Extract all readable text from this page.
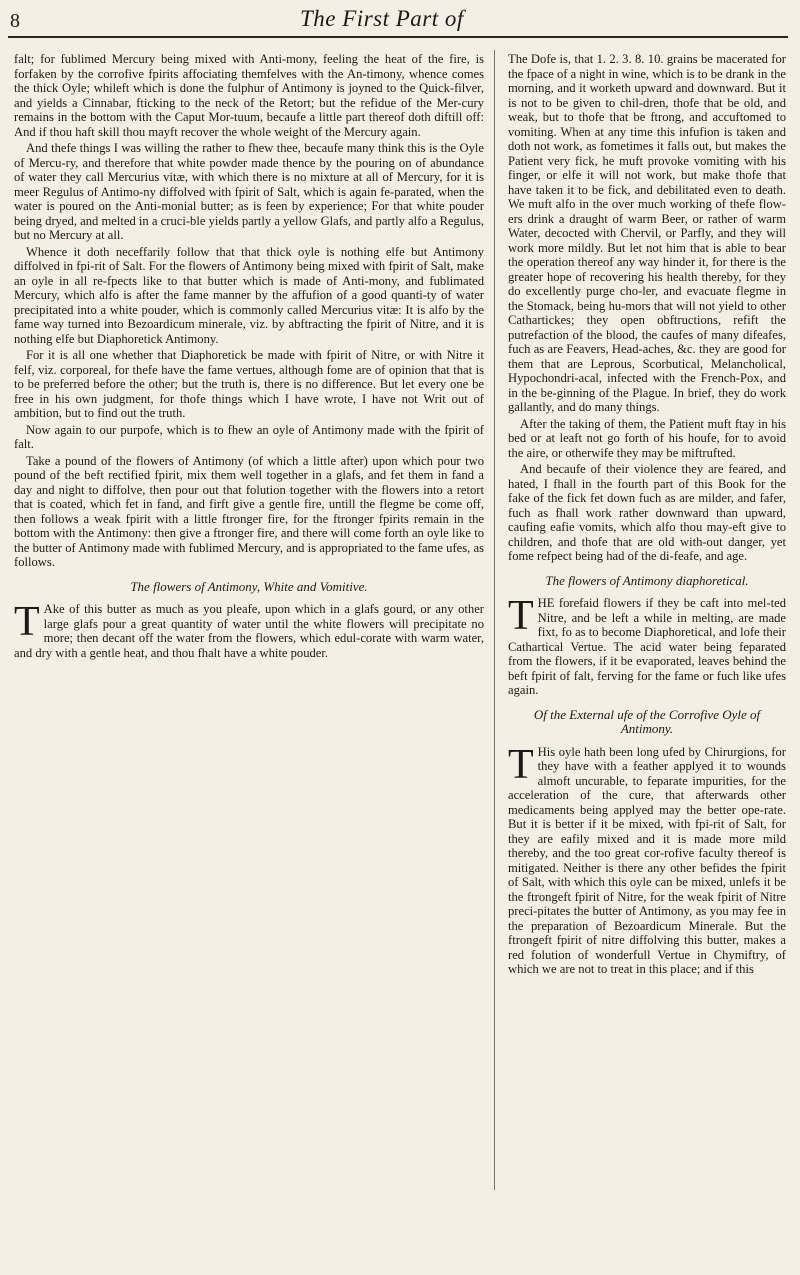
8	The First Part of

falt; for fublimed Mercury being mixed with Anti-mony, feeling the heat of the fire, is forfaken by the corrofive fpirits affociating themfelves with the An-timony, whence comes the thick Oyle; whileft which is done the fulphur of Antimony is joyned to the Quick-filver, and yields a Cinnabar, fticking to the neck of the Retort; but the refidue of the Mer-cury remains in the bottom with the Caput Mor-tuum, becaufe a little part thereof doth diftill off: And if thou haft skill thou mayft recover the whole weight of the Mercury again.

And thefe things I was willing the rather to fhew thee, becaufe many think this is the Oyle of Mercu-ry, and therefore that white powder made thence by the pouring on of abundance of water they call Mercurius vitæ, with which there is no mixture at all of Mercury, for it is meer Regulus of Antimo-ny diffolved with fpirit of Salt, which is again fe-parated, when the water is poured on the Anti-monial butter; as is feen by experience; For that white pouder being dryed, and melted in a cruci-ble yields partly a yellow Glafs, and partly alfo a Regulus, but no Mercury at all.

Whence it doth neceffarily follow that that thick oyle is nothing elfe but Antimony diffolved in fpi-rit of Salt. For the flowers of Antimony being mixed with fpirit of Salt, make an oyle in all re-fpects like to that butter which is made of Anti-mony, and fublimated Mercury, which alfo is after the fame manner by the affufion of a good quanti-ty of water precipitated into a white pouder, which is commonly called Mercurius vitæ: It is alfo by the fame way turned into Bezoardicum minerale, viz. by abftracting the fpirit of Nitre, and it is nothing elfe but Diaphoretick Antimony.

For it is all one whether that Diaphoretick be made with fpirit of Nitre, or with Nitre it felf, viz. corporeal, for thefe have the fame vertues, although fome are of opinion that that is to be preferred before the other; but the truth is, there is no difference. But let every one be free in his own judgment, for thofe things which I have wrote, I have not Writ out of ambition, but to find out the truth.

Now again to our purpofe, which is to fhew an oyle of Antimony made with the fpirit of falt.

Take a pound of the flowers of Antimony (of which a little after) upon which pour two pound of the beft rectified fpirit, mix them well together in a glafs, and fet them in fand a day and night to diffolve, then pour out that folution together with the flowers into a retort that is coated, which fet in fand, and firft give a gentle fire, untill the flegme be come off, then follows a weak fpirit with a little ftronger fire, for the ftronger fpirits remain in the bottom with the Antimony: then give a ftronger fire, and there will come forth an oyle like to the butter of Antimony made with fublimed Mercury, and is appropriated to the fame ufes, as follows.

The flowers of Antimony, White and Vomitive.

T Ake of this butter as much as you pleafe, upon which in a glafs gourd, or any other large glafs pour a great quantity of water until the white flowers will precipitate no more; then decant off the water from the flowers, which edul-corate with warm water, and dry with a gentle heat, and thou fhalt have a white pouder.

The Dofe is, that 1. 2. 3. 8. 10. grains be macerated for the fpace of a night in wine, which is to be drank in the morning, and it worketh upward and downward. But it is not to be given to chil-dren, thofe that be old, and weak, but to thofe that be ftrong, and accuftomed to vomiting. When at any time this infufion is taken and doth not work, as fometimes it falls out, but makes the Patient very fick, he muft provoke vomiting with his finger, or elfe it will not work, but make thofe that have taken it to be fick, and debilitated even to death. We muft alfo in the over much working of thefe flow-ers drink a draught of warm Beer, or rather of warm Water, decocted with Chervil, or Parfly, and they will work more mildly. But let not him that is able to bear the operation thereof any way hinder it, for there is the greater hope of recovering his health thereby, for they do excellently purge cho-ler, and evacuate flegme in the Stomack, being hu-mors that will not yield to other Cathartickes; they open obftructions, refift the putrefaction of the blood, the caufes of many difeafes, fuch as are Feavers, Head-aches, &c. they are good for them that are Leprous, Scorbutical, Melancholical, Hypochondri-acal, infected with the French-Pox, and in the be-ginning of the Plague. In brief, they do work gallantly, and do many things.

After the taking of them, the Patient muft ftay in his bed or at leaft not go forth of his houfe, for to avoid the aire, or otherwife they may be miftrufted.

And becaufe of their violence they are feared, and hated, I fhall in the fourth part of this Book for the fake of the fick fet down fuch as are milder, and fafer, fuch as fhall work rather downward than upward, caufing eafie vomits, which alfo thou may-eft give to children, and thofe that are old with-out danger, yet fome refpect being had of the di-feafe, and age.

The flowers of Antimony diaphoretical.

THE forefaid flowers if they be caft into mel-ted Nitre, and be left a while in melting, are made fixt, fo as to become Diaphoretical, and lofe their Cathartical Vertue. The acid water being feparated from the flowers, if it be evaporated, leaves behind the beft fpirit of falt, ferving for the fame or fuch like ufes again.

Of the External ufe of the Corrofive Oyle of Antimony.

T His oyle hath been long ufed by Chirurgions, for they have with a feather applyed it to wounds almoft uncurable, to feparate impurities, for the acceleration of the cure, that afterwards other medicaments being applyed may the better ope-rate. But it is better if it be mixed, with fpi-rit of Salt, for they are eafily mixed and it is made more mild thereby, and the too great cor-rofive faculty thereof is mitigated. Neither is there any other befides the fpirit of Salt, with which this oyle can be mixed, unlefs it be the ftrongeft fpirit of Nitre, for the weak fpirit of Nitre preci-pitates the butter of Antimony, as you may fee in the preparation of Bezoardicum Minerale. But the ftrongeft fpirit of nitre diffolving this butter, makes a red folution of wonderfull Vertue in Chymiftry, of which we are not to treat in this place; and if this
